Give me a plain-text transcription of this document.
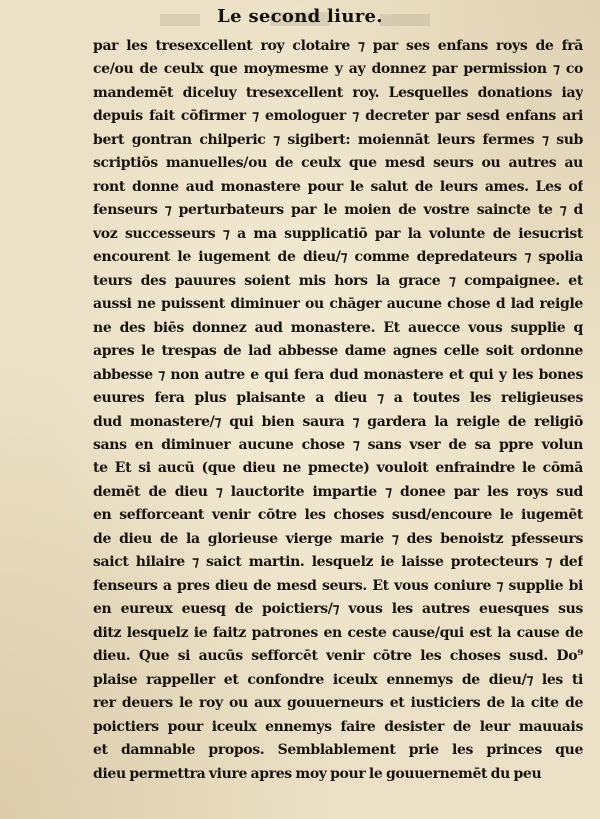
Le second liure.
par les tresexcellent roy clotaire ⁊ par ses enfans roys de frā
ce/ou de ceulx que moymesme y ay donnez par permission ⁊ co
mandemēt diceluy tresexcellent roy. Lesquelles donations iay
depuis fait cōfirmer ⁊ emologuer ⁊ decreter par sesd enfans ari
bert gontran chilperic ⁊ sigibert: moiennāt leurs fermes ⁊ sub
scriptiōs manuelles/ou de ceulx que mesd seurs ou autres au
ront donne aud monastere pour le salut de leurs ames. Les of
fenseurs ⁊ perturbateurs par le moien de vostre saincte te ⁊ d
voz successeurs ⁊ a ma supplicatiō par la volunte de iesucrist
encourent le iugement de dieu/⁊ comme depredateurs ⁊ spolia
teurs des pauures soient mis hors la grace ⁊ compaignee. et
aussi ne puissent diminuer ou chāger aucune chose d lad reigle
ne des biēs donnez aud monastere. Et auecce vous supplie q
apres le trespas de lad abbesse dame agnes celle soit ordonne
abbesse ⁊ non autre e qui fera dud monastere et qui y les bones
euures fera plus plaisante a dieu ⁊ a toutes les religieuses
dud monastere/⁊ qui bien saura ⁊ gardera la reigle de religiō
sans en diminuer aucune chose ⁊ sans vser de sa ppre volun
te Et si aucū (que dieu ne pmecte) vouloit enfraindre le cōmā
demēt de dieu ⁊ lauctorite impartie ⁊ donee par les roys sud
en sefforceant venir cōtre les choses susd/encoure le iugemēt
de dieu de la glorieuse vierge marie ⁊ des benoistz pfesseurs
saict hilaire ⁊ saict martin. lesquelz ie laisse protecteurs ⁊ def
fenseurs a pres dieu de mesd seurs. Et vous coniure ⁊ supplie bi
en eureux euesq de poictiers/⁊ vous les autres euesques sus
ditz lesquelz ie faitz patrones en ceste cause/qui est la cause de
dieu. Que si aucūs sefforcēt venir cōtre les choses susd. Do⁹
plaise rappeller et confondre iceulx ennemys de dieu/⁊ les ti
rer deuers le roy ou aux gouuerneurs et iusticiers de la cite de
poictiers pour iceulx ennemys faire desister de leur mauuais
et damnable propos. Semblablement prie les princes que
dieu permettra viure apres moy pour le gouuernemēt du peu
